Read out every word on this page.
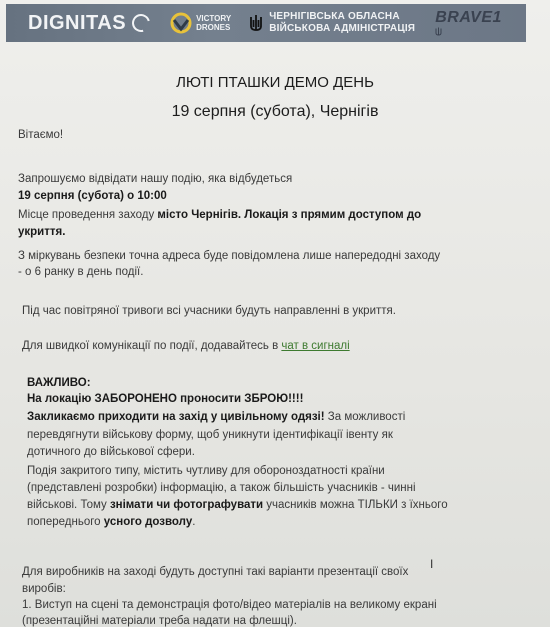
DIGNITAS	VICTORY
DRONES
ЧЕРНІГІВСЬКА ОБЛАСНА
ВІЙСЬКОВА АДМІНІСТРАЦІЯ
BRAVE1
ЛЮТІ ПТАШКИ ДЕМО ДЕНЬ
19 серпня (субота), Чернігів
Вітаємо!
Запрошуємо відвідати нашу подію, яка відбудеться
19 серпня (субота) о 10:00
Місце проведення заходу місто Чернігів. Локація з прямим доступом до
укриття.
З міркувань безпеки точна адреса буде повідомлена лише напередодні заходу
- о 6 ранку в день події.
Під час повітряної тривоги всі учасники будуть направленні в укриття.
Для швидкої комунікації по події, додавайтесь в чат в сигналі
ВАЖЛИВО:
На локацію ЗАБОРОНЕНО проносити ЗБРОЮ!!!!
Закликаємо приходити на захід у цивільному одязі! За можливості
перевдягнути військову форму, щоб уникнути ідентифікації івенту як
дотичного до військової сфери.
Подія закритого типу, містить чутливу для обороноздатності країни
(представлені розробки) інформацію, а також більшість учасників - чинні
військові. Тому знімати чи фотографувати учасників можна ТІЛЬКИ з їхнього
попереднього усного дозволу.
Для виробників на заході будуть доступні такі варіанти презентації своїх
виробів:
1. Виступ на сцені та демонстрація фото/відео матеріалів на великому екрані
(презентаційні матеріали треба надати на флешці).
I
